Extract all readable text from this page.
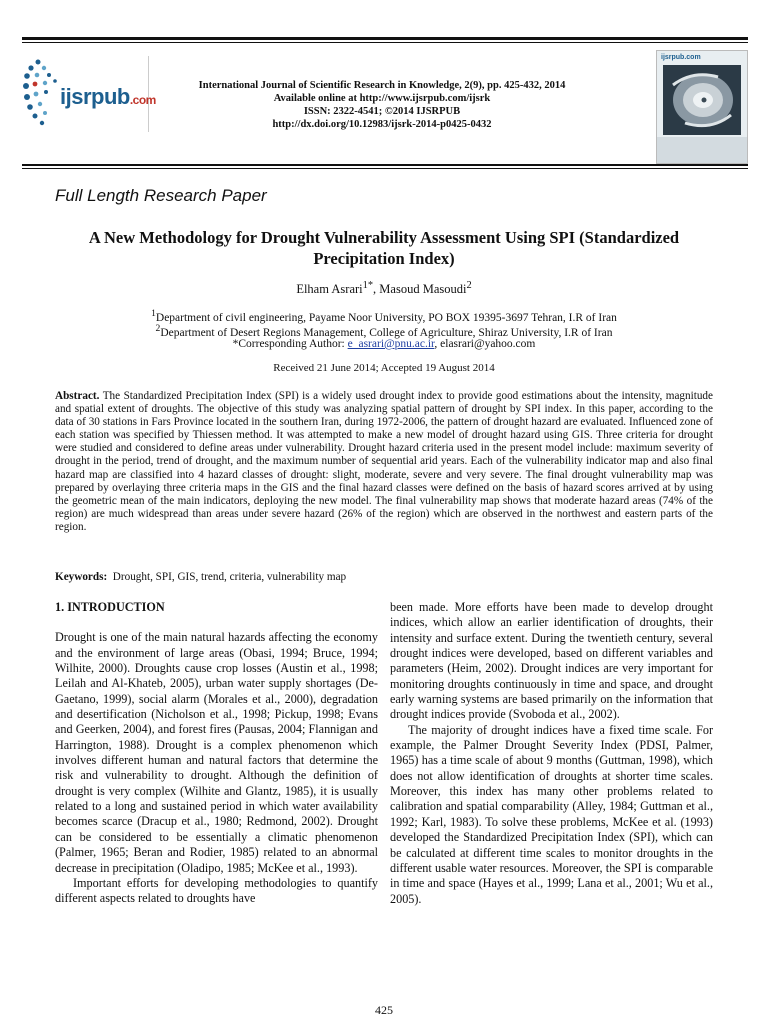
ijsrpub.com
International Journal of Scientific Research in Knowledge, 2(9), pp. 425-432, 2014
Available online at http://www.ijsrpub.com/ijsrk
ISSN: 2322-4541; ©2014 IJSRPUB
http://dx.doi.org/10.12983/ijsrk-2014-p0425-0432
ijsrpub.com
Full Length Research Paper
A New Methodology for Drought Vulnerability Assessment Using SPI (Standardized Precipitation Index)
Elham Asrari$^{1*}$, Masoud Masoudi$^2$
$^1$Department of civil engineering, Payame Noor University, PO BOX 19395-3697 Tehran, I.R of Iran
$^2$Department of Desert Regions Management, College of Agriculture, Shiraz University, I.R of Iran
*Corresponding Author: e_asrari@pnu.ac.ir, elasrari@yahoo.com
Received 21 June 2014; Accepted 19 August 2014
Abstract. The Standardized Precipitation Index (SPI) is a widely used drought index to provide good estimations about the intensity, magnitude and spatial extent of droughts. The objective of this study was analyzing spatial pattern of drought by SPI index. In this paper, according to the data of 30 stations in Fars Province located in the southern Iran, during 1972-2006, the pattern of drought hazard are evaluated. Influenced zone of each station was specified by Thiessen method. It was attempted to make a new model of drought hazard using GIS. Three criteria for drought were studied and considered to define areas under vulnerability. Drought hazard criteria used in the present model include: maximum severity of drought in the period, trend of drought, and the maximum number of sequential arid years. Each of the vulnerability indicator map and also final hazard map are classified into 4 hazard classes of drought: slight, moderate, severe and very severe. The final drought vulnerability map was prepared by overlaying three criteria maps in the GIS and the final hazard classes were defined on the basis of hazard scores arrived at by using the geometric mean of the main indicators, deploying the new model. The final vulnerability map shows that moderate hazard areas (74% of the region) are much widespread than areas under severe hazard (26% of the region) which are observed in the northwest and eastern parts of the region.
Keywords: Drought, SPI, GIS, trend, criteria, vulnerability map
1. INTRODUCTION

Drought is one of the main natural hazards affecting the economy and the environment of large areas (Obasi, 1994; Bruce, 1994; Wilhite, 2000). Droughts cause crop losses (Austin et al., 1998; Leilah and Al-Khateb, 2005), urban water supply shortages (De-Gaetano, 1999), social alarm (Morales et al., 2000), degradation and desertification (Nicholson et al., 1998; Pickup, 1998; Evans and Geerken, 2004), and forest fires (Pausas, 2004; Flannigan and Harrington, 1988). Drought is a complex phenomenon which involves different human and natural factors that determine the risk and vulnerability to drought. Although the definition of drought is very complex (Wilhite and Glantz, 1985), it is usually related to a long and sustained period in which water availability becomes scarce (Dracup et al., 1980; Redmond, 2002). Drought can be considered to be essentially a climatic phenomenon (Palmer, 1965; Beran and Rodier, 1985) related to an abnormal decrease in precipitation (Oladipo, 1985; McKee et al., 1993).

Important efforts for developing methodologies to quantify different aspects related to droughts have

been made. More efforts have been made to develop drought indices, which allow an earlier identification of droughts, their intensity and surface extent. During the twentieth century, several drought indices were developed, based on different variables and parameters (Heim, 2002). Drought indices are very important for monitoring droughts continuously in time and space, and drought early warning systems are based primarily on the information that drought indices provide (Svoboda et al., 2002).

The majority of drought indices have a fixed time scale. For example, the Palmer Drought Severity Index (PDSI, Palmer, 1965) has a time scale of about 9 months (Guttman, 1998), which does not allow identification of droughts at shorter time scales. Moreover, this index has many other problems related to calibration and spatial comparability (Alley, 1984; Guttman et al., 1992; Karl, 1983). To solve these problems, McKee et al. (1993) developed the Standardized Precipitation Index (SPI), which can be calculated at different time scales to monitor droughts in the different usable water resources. Moreover, the SPI is comparable in time and space (Hayes et al., 1999; Lana et al., 2001; Wu et al., 2005).

425
